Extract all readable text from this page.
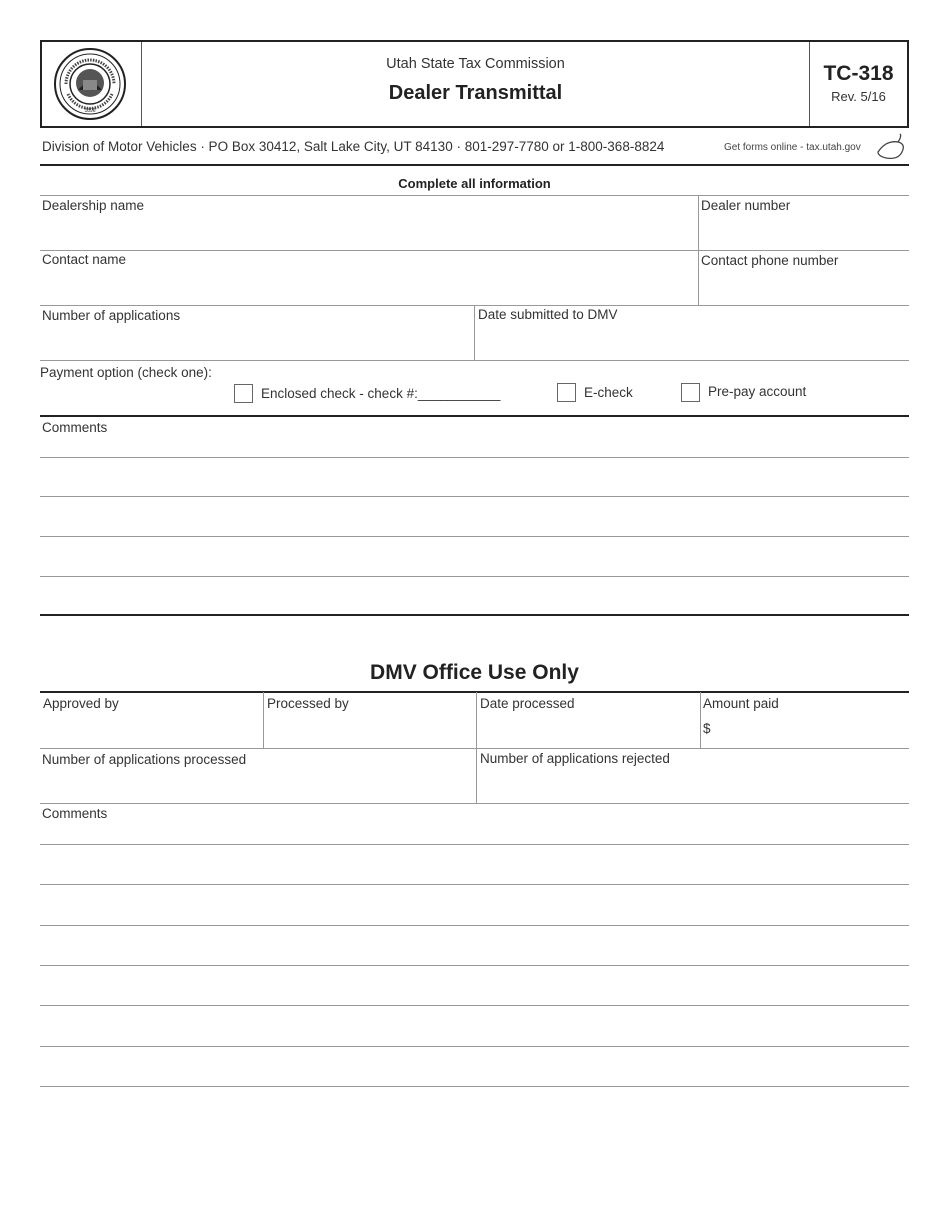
1896
Utah State Tax Commission
Dealer Transmittal
TC-318
Rev. 5/16
Division of Motor Vehicles · PO Box 30412, Salt Lake City, UT 84130 · 801-297-7780 or 1-800-368-8824	Get forms online - tax.utah.gov
Complete all information
Dealership name	Dealer number
Contact name	Contact phone number
Number of applications	Date submitted to DMV
Payment option (check one):
Enclosed check - check #:___________	E-check	Pre-pay account
Comments
DMV Office Use Only
Approved by	Processed by	Date processed	Amount paid
$
Number of applications processed	Number of applications rejected
Comments
